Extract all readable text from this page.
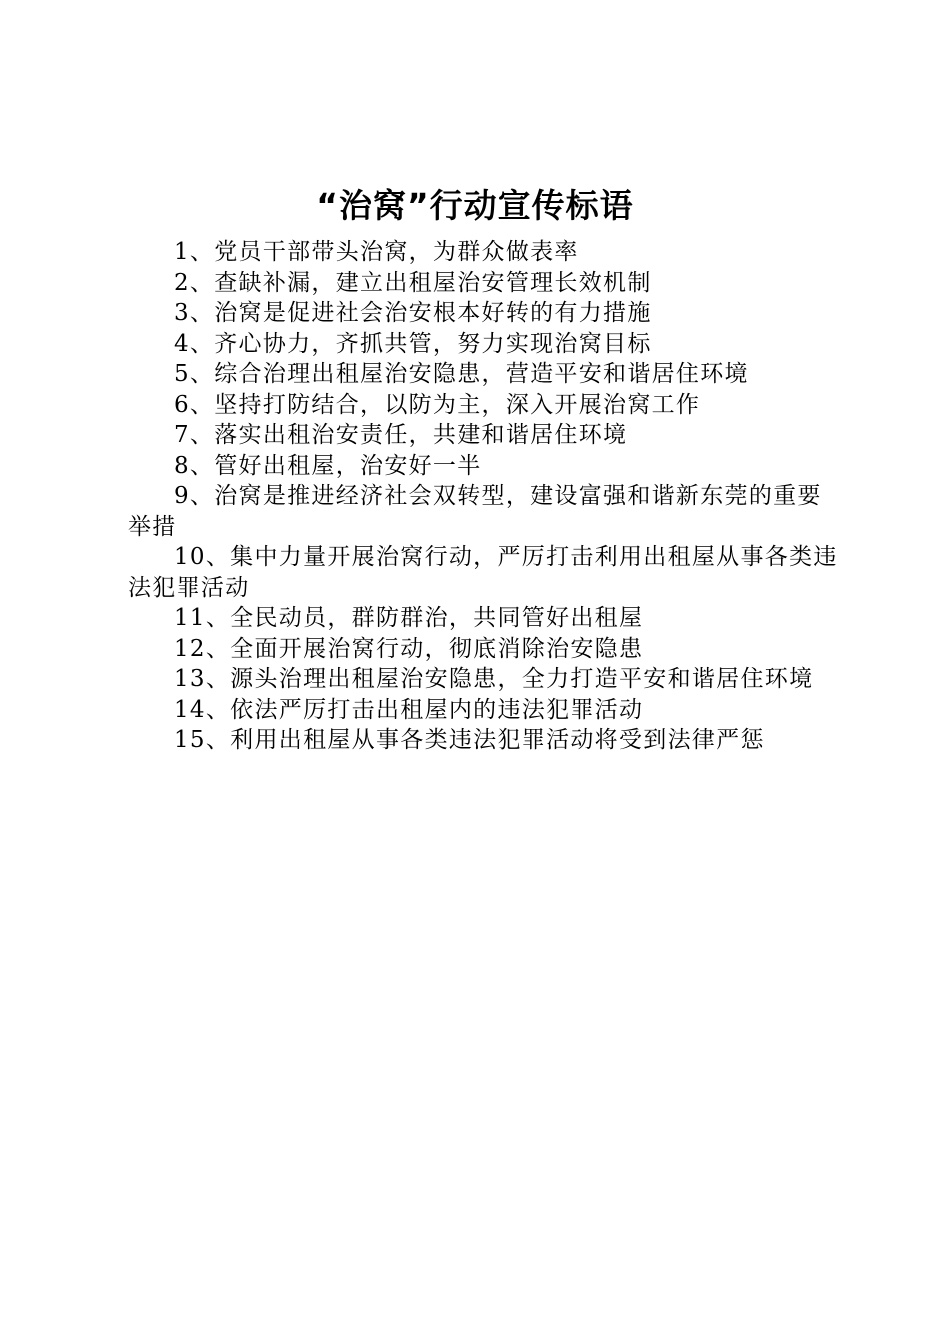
“治窝”行动宣传标语

1、党员干部带头治窝，为群众做表率

2、查缺补漏，建立出租屋治安管理长效机制

3、治窝是促进社会治安根本好转的有力措施

4、齐心协力，齐抓共管，努力实现治窝目标

5、综合治理出租屋治安隐患，营造平安和谐居住环境

6、坚持打防结合，以防为主，深入开展治窝工作

7、落实出租治安责任，共建和谐居住环境

8、管好出租屋，治安好一半

9、治窝是推进经济社会双转型，建设富强和谐新东莞的重要举措

10、集中力量开展治窝行动，严厉打击利用出租屋从事各类违法犯罪活动

11、全民动员，群防群治，共同管好出租屋

12、全面开展治窝行动，彻底消除治安隐患

13、源头治理出租屋治安隐患，全力打造平安和谐居住环境

14、依法严厉打击出租屋内的违法犯罪活动

15、利用出租屋从事各类违法犯罪活动将受到法律严惩
